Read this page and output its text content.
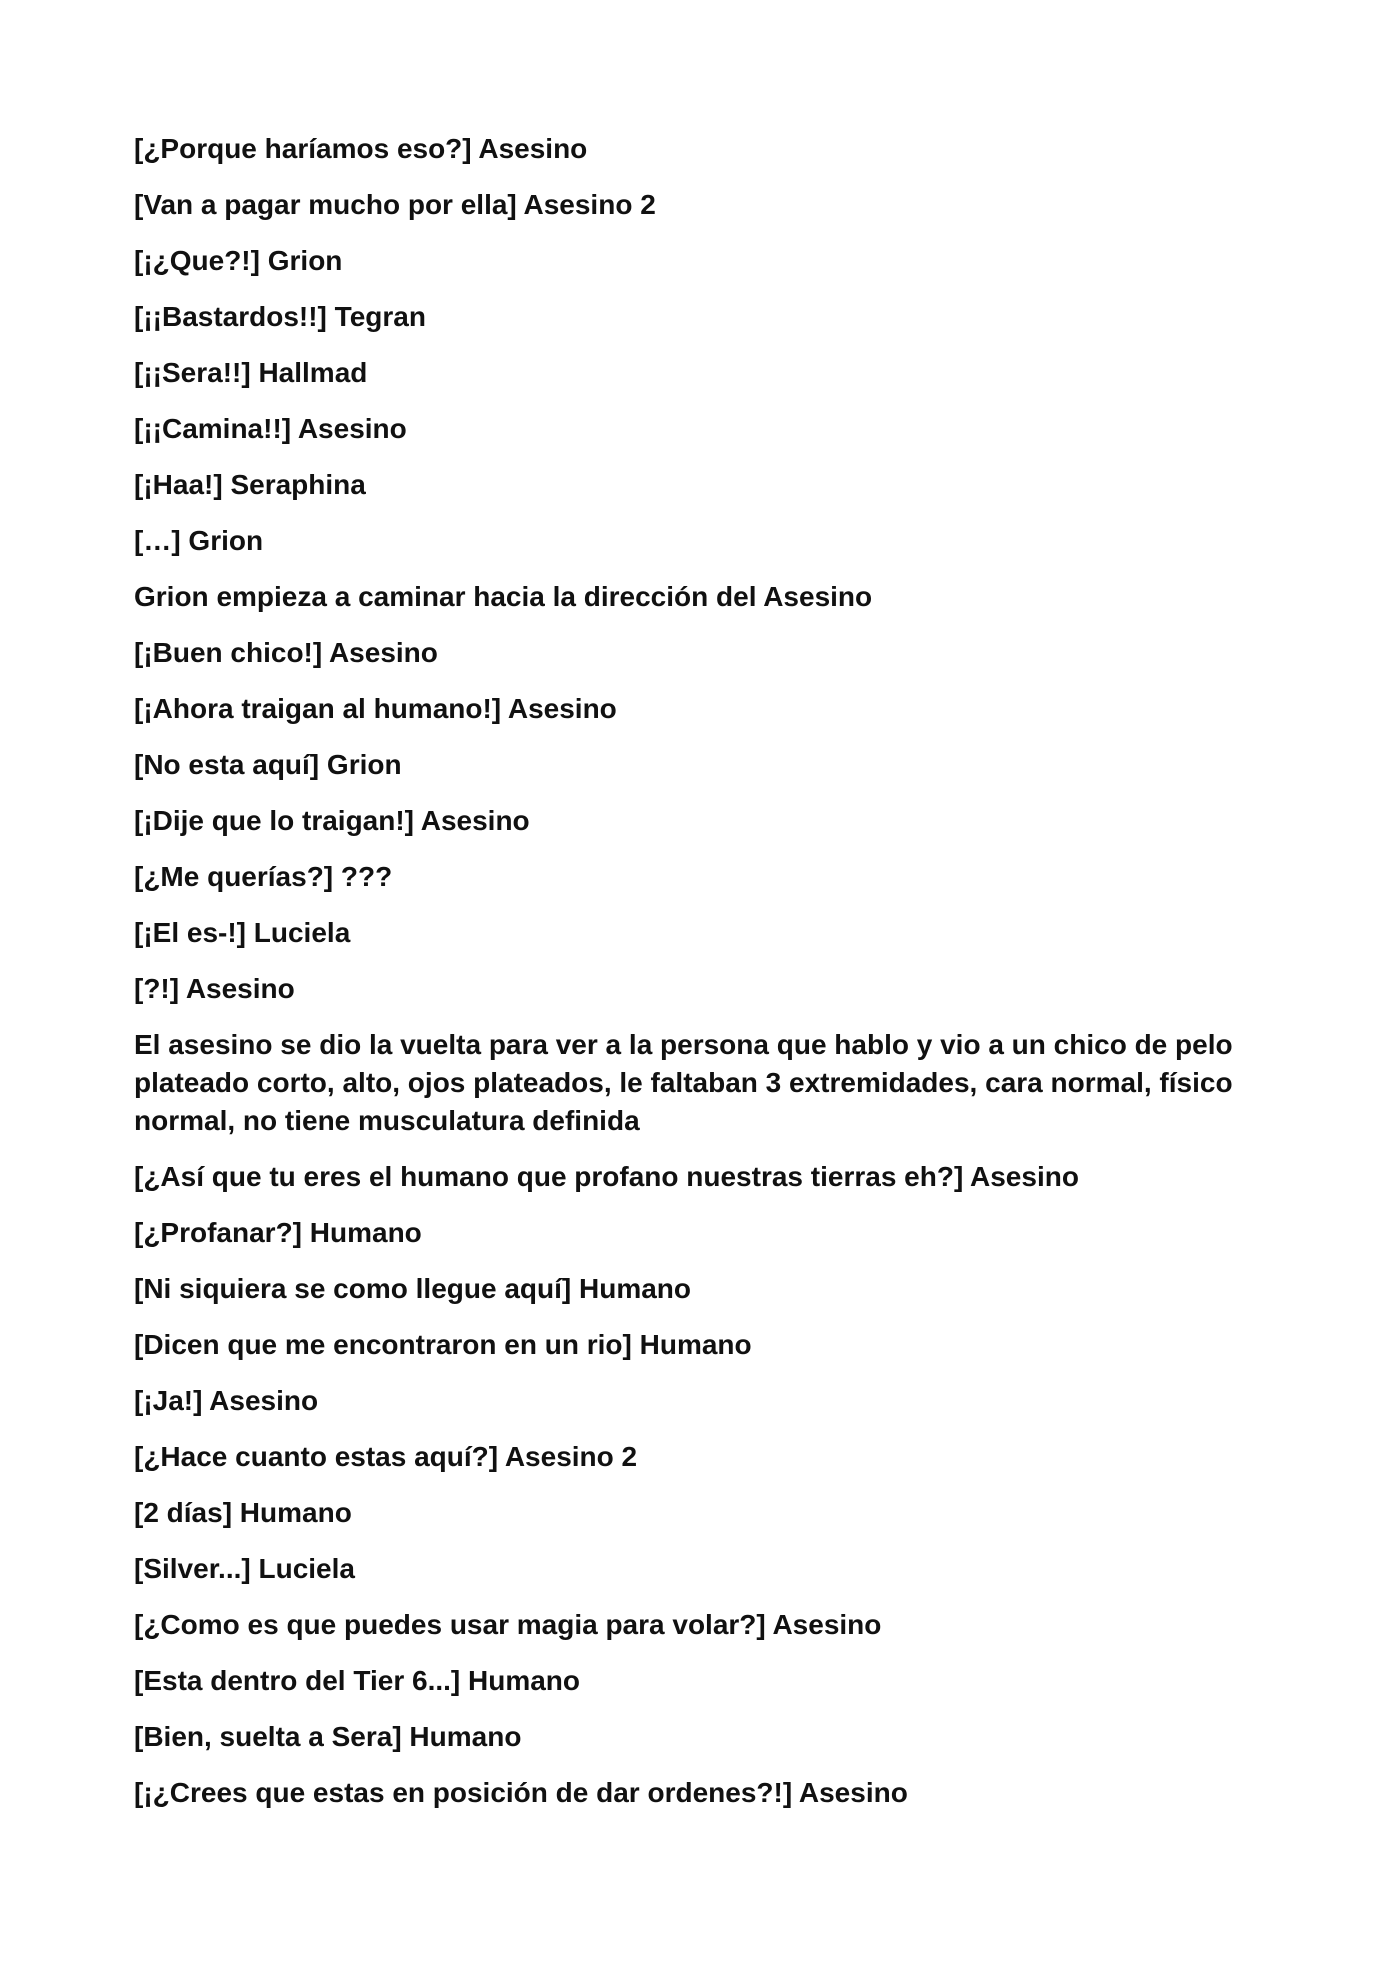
[¿Porque haríamos eso?] Asesino

[Van a pagar mucho por ella] Asesino 2

[¡¿Que?!] Grion

[¡¡Bastardos!!] Tegran

[¡¡Sera!!] Hallmad

[¡¡Camina!!] Asesino

[¡Haa!] Seraphina

[…] Grion

Grion empieza a caminar hacia la dirección del Asesino

[¡Buen chico!] Asesino

[¡Ahora traigan al humano!] Asesino

[No esta aquí] Grion

[¡Dije que lo traigan!] Asesino

[¿Me querías?] ???

[¡El es-!] Luciela

[?!] Asesino

El asesino se dio la vuelta para ver a la persona que hablo y vio a un chico de pelo plateado corto, alto, ojos plateados, le faltaban 3 extremidades, cara normal, físico normal, no tiene musculatura definida

[¿Así que tu eres el humano que profano nuestras tierras eh?] Asesino

[¿Profanar?] Humano

[Ni siquiera se como llegue aquí] Humano

[Dicen que me encontraron en un rio] Humano

[¡Ja!] Asesino

[¿Hace cuanto estas aquí?] Asesino 2

[2 días] Humano

[Silver...] Luciela

[¿Como es que puedes usar magia para volar?] Asesino

[Esta dentro del Tier 6...] Humano

[Bien, suelta a Sera] Humano

[¡¿Crees que estas en posición de dar ordenes?!] Asesino
